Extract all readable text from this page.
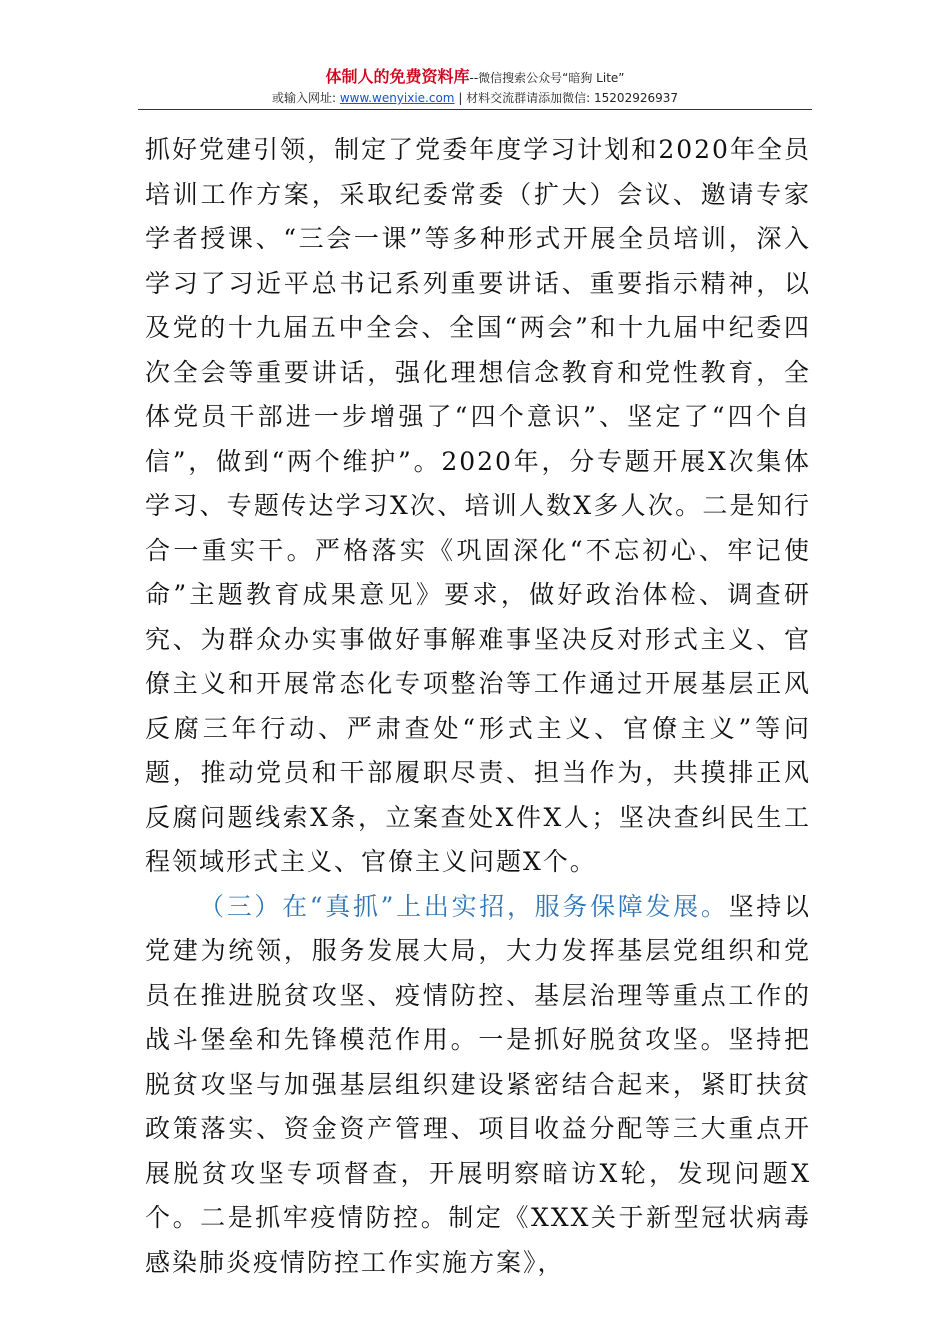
体制人的免费资料库--微信搜索公众号“暗狗 Lite”
或输入网址: www.wenyixie.com | 材料交流群请添加微信: 15202926937

抓好党建引领，制定了党委年度学习计划和2020年全员培训工作方案，采取纪委常委（扩大）会议、邀请专家学者授课、“三会一课”等多种形式开展全员培训，深入学习了习近平总书记系列重要讲话、重要指示精神，以及党的十九届五中全会、全国“两会”和十九届中纪委四次全会等重要讲话，强化理想信念教育和党性教育，全体党员干部进一步增强了“四个意识”、坚定了“四个自信”，做到“两个维护”。2020年，分专题开展X次集体学习、专题传达学习X次、培训人数X多人次。二是知行合一重实干。严格落实《巩固深化“不忘初心、牢记使命”主题教育成果意见》要求，做好政治体检、调查研究、为群众办实事做好事解难事坚决反对形式主义、官僚主义和开展常态化专项整治等工作通过开展基层正风反腐三年行动、严肃查处“形式主义、官僚主义”等问题，推动党员和干部履职尽责、担当作为，共摸排正风反腐问题线索X条，立案查处X件X人；坚决查纠民生工程领域形式主义、官僚主义问题X个。

（三）在“真抓”上出实招，服务保障发展。坚持以党建为统领，服务发展大局，大力发挥基层党组织和党员在推进脱贫攻坚、疫情防控、基层治理等重点工作的战斗堡垒和先锋模范作用。一是抓好脱贫攻坚。坚持把脱贫攻坚与加强基层组织建设紧密结合起来，紧盯扶贫政策落实、资金资产管理、项目收益分配等三大重点开展脱贫攻坚专项督查，开展明察暗访X轮，发现问题X个。二是抓牢疫情防控。制定《XXX关于新型冠状病毒感染肺炎疫情防控工作实施方案》，
